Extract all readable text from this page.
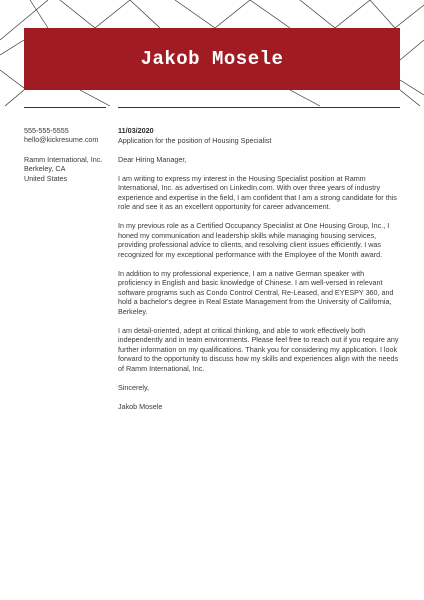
Jakob Mosele
555-555-5555
hello@kickresume.com
Ramm International, Inc.
Berkeley, CA
United States
11/03/2020

Application for the position of Housing Specialist

Dear Hiring Manager,

I am writing to express my interest in the Housing Specialist position at Ramm International, Inc. as advertised on LinkedIn.com. With over three years of industry experience and expertise in the field, I am confident that I am a strong candidate for this role and see it as an excellent opportunity for career advancement.

In my previous role as a Certified Occupancy Specialist at One Housing Group, Inc., I honed my communication and leadership skills while managing housing services, providing professional advice to clients, and resolving client issues efficiently. I was recognized for my exceptional performance with the Employee of the Month award.

In addition to my professional experience, I am a native German speaker with proficiency in English and basic knowledge of Chinese. I am well-versed in relevant software programs such as Condo Control Central, Re-Leased, and EYESPY 360, and hold a bachelor's degree in Real Estate Management from the University of California, Berkeley.

I am detail-oriented, adept at critical thinking, and able to work effectively both independently and in team environments. Please feel free to reach out if you require any further information on my qualifications. Thank you for considering my application. I look forward to the opportunity to discuss how my skills and experiences align with the needs of Ramm International, Inc.

Sincerely,

Jakob Mosele
